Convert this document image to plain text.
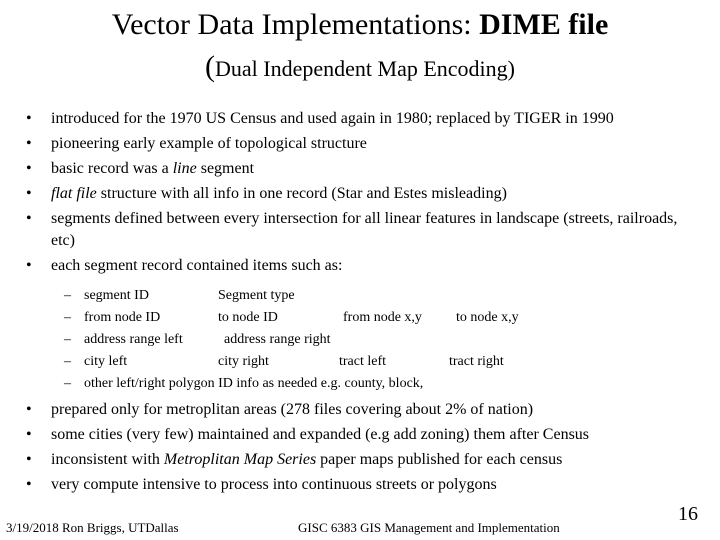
Vector Data Implementations: DIME file
(Dual Independent Map Encoding)
•	introduced for the 1970 US Census and used again in 1980; replaced by TIGER in 1990
•	pioneering early example of topological structure
•	basic record was a line segment
•	flat file structure with all info in one record (Star and Estes misleading)
•	segments defined between every intersection for all linear features in landscape (streets, railroads, etc)
•	each segment record contained items such as:
– segment ID	Segment type
– from node ID	to node ID	from node x,y	to node x,y
– address range left	address range right
– city left	city right	tract left	tract right
– other left/right polygon ID info as needed e.g. county, block,
•	prepared only for metroplitan areas (278 files covering about 2% of nation)
•	some cities (very few) maintained and expanded (e.g add zoning) them after Census
•	inconsistent with Metroplitan Map Series paper maps published for each census
•	very compute intensive to process into continuous streets or polygons
3/19/2018 Ron Briggs, UTDallas	GISC 6383 GIS Management and Implementation
16
